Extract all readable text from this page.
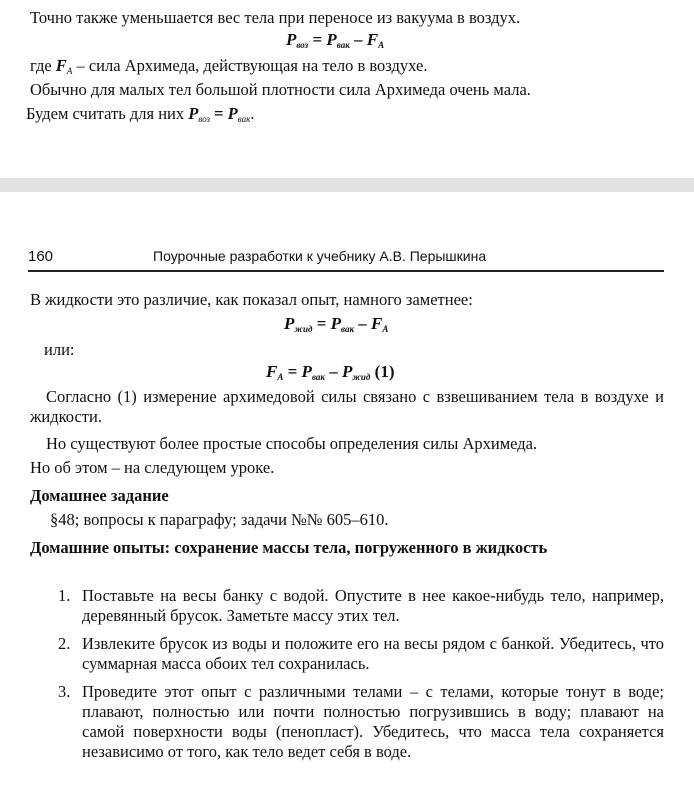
Точно также уменьшается вес тела при переносе из вакуума в воздух.
$P_{воз} = P_{вак} - F_A$
где $F_A$ – сила Архимеда, действующая на тело в воздухе.
Обычно для малых тел большой плотности сила Архимеда очень мала.
Будем считать для них $P_{воз} = P_{вак}$.
160	Поурочные разработки к учебнику А.В. Перышкина
В жидкости это различие, как показал опыт, намного заметнее:
$P_{жид} = P_{вак} - F_A$
или:
$F_A = P_{вак} - P_{жид}$ (1)
Согласно (1) измерение архимедовой силы связано с взвешиванием тела в воздухе и жидкости.
Но существуют более простые способы определения силы Архимеда.
Но об этом – на следующем уроке.
Домашнее задание
§48; вопросы к параграфу; задачи №№ 605–610.
Домашние опыты: сохранение массы тела, погруженного в жидкость
1. Поставьте на весы банку с водой. Опустите в нее какое-нибудь тело, например, деревянный брусок. Заметьте массу этих тел.
2. Извлеките брусок из воды и положите его на весы рядом с банкой. Убедитесь, что суммарная масса обоих тел сохранилась.
3. Проведите этот опыт с различными телами – с телами, которые тонут в воде; плавают, полностью или почти полностью погрузившись в воду; плавают на самой поверхности воды (пенопласт). Убедитесь, что масса тела сохраняется независимо от того, как тело ведет себя в воде.
